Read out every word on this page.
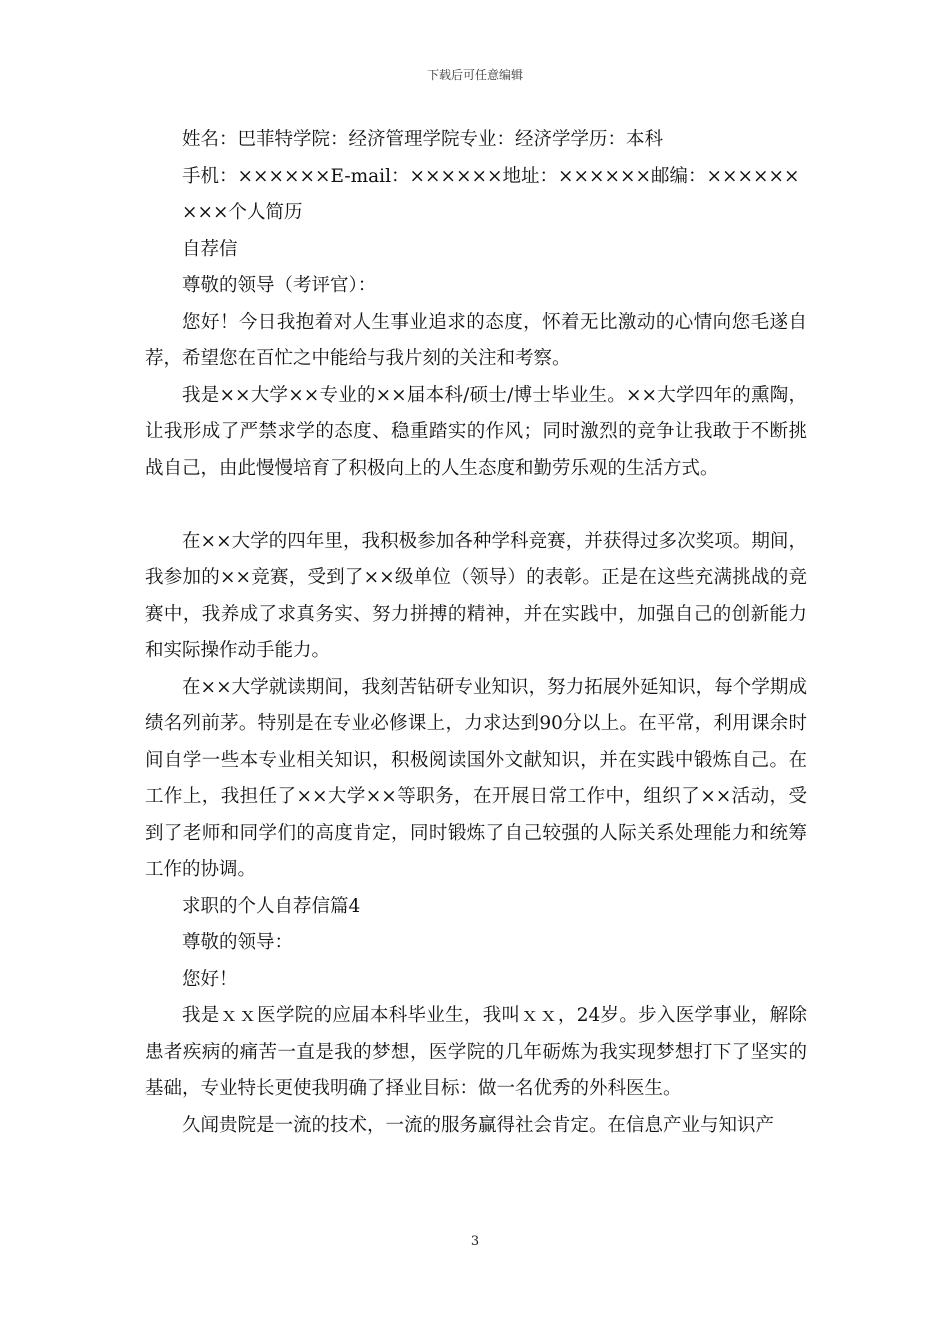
下载后可任意编辑

姓名：巴菲特学院：经济管理学院专业：经济学学历：本科

手机：××××××E-mail：××××××地址：××××××邮编：××××××

×××个人简历

自荐信

尊敬的领导（考评官）：

您好！今日我抱着对人生事业追求的态度，怀着无比激动的心情向您毛遂自荐，希望您在百忙之中能给与我片刻的关注和考察。

我是××大学××专业的××届本科/硕士/博士毕业生。××大学四年的熏陶，让我形成了严禁求学的态度、稳重踏实的作风；同时激烈的竞争让我敢于不断挑战自己，由此慢慢培育了积极向上的人生态度和勤劳乐观的生活方式。

在××大学的四年里，我积极参加各种学科竞赛，并获得过多次奖项。期间，我参加的××竞赛，受到了××级单位（领导）的表彰。正是在这些充满挑战的竞赛中，我养成了求真务实、努力拼搏的精神，并在实践中，加强自己的创新能力和实际操作动手能力。

在××大学就读期间，我刻苦钻研专业知识，努力拓展外延知识，每个学期成绩名列前茅。特别是在专业必修课上，力求达到90分以上。在平常，利用课余时间自学一些本专业相关知识，积极阅读国外文献知识，并在实践中锻炼自己。在工作上，我担任了××大学××等职务，在开展日常工作中，组织了××活动，受到了老师和同学们的高度肯定，同时锻炼了自己较强的人际关系处理能力和统筹工作的协调。

求职的个人自荐信篇4

尊敬的领导：

您好！

我是ｘｘ医学院的应届本科毕业生，我叫ｘｘ，24岁。步入医学事业，解除患者疾病的痛苦一直是我的梦想，医学院的几年砺炼为我实现梦想打下了坚实的基础，专业特长更使我明确了择业目标：做一名优秀的外科医生。

久闻贵院是一流的技术，一流的服务赢得社会肯定。在信息产业与知识产

3
